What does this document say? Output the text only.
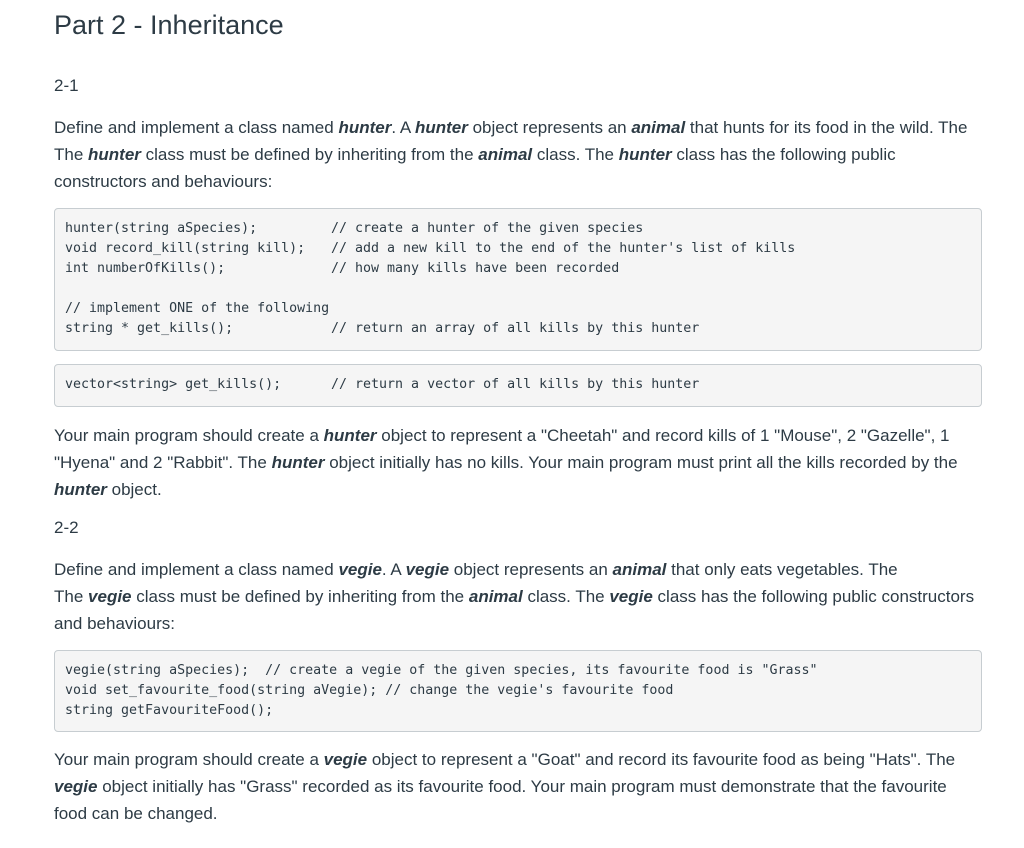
Part 2 - Inheritance
2-1
Define and implement a class named hunter. A hunter object represents an animal that hunts for its food in the wild. The
The hunter class must be defined by inheriting from the animal class. The hunter class has the following public constructors and behaviours:
hunter(string aSpecies);	// create a hunter of the given species
void record_kill(string kill); // add a new kill to the end of the hunter's list of kills
int numberOfKills();	// how many kills have been recorded
// implement ONE of the following
string * get_kills();	// return an array of all kills by this hunter
vector<string> get_kills();	// return a vector of all kills by this hunter
Your main program should create a hunter object to represent a "Cheetah" and record kills of 1 "Mouse", 2 "Gazelle", 1 "Hyena" and 2 "Rabbit". The hunter object initially has no kills. Your main program must print all the kills recorded by the hunter object.
2-2
Define and implement a class named vegie. A vegie object represents an animal that only eats vegetables. The
The vegie class must be defined by inheriting from the animal class. The vegie class has the following public constructors and behaviours:
vegie(string aSpecies);  // create a vegie of the given species, its favourite food is "Grass"
void set_favourite_food(string aVegie); // change the vegie's favourite food
string getFavouriteFood();
Your main program should create a vegie object to represent a "Goat" and record its favourite food as being "Hats". The vegie object initially has "Grass" recorded as its favourite food. Your main program must demonstrate that the favourite food can be changed.
